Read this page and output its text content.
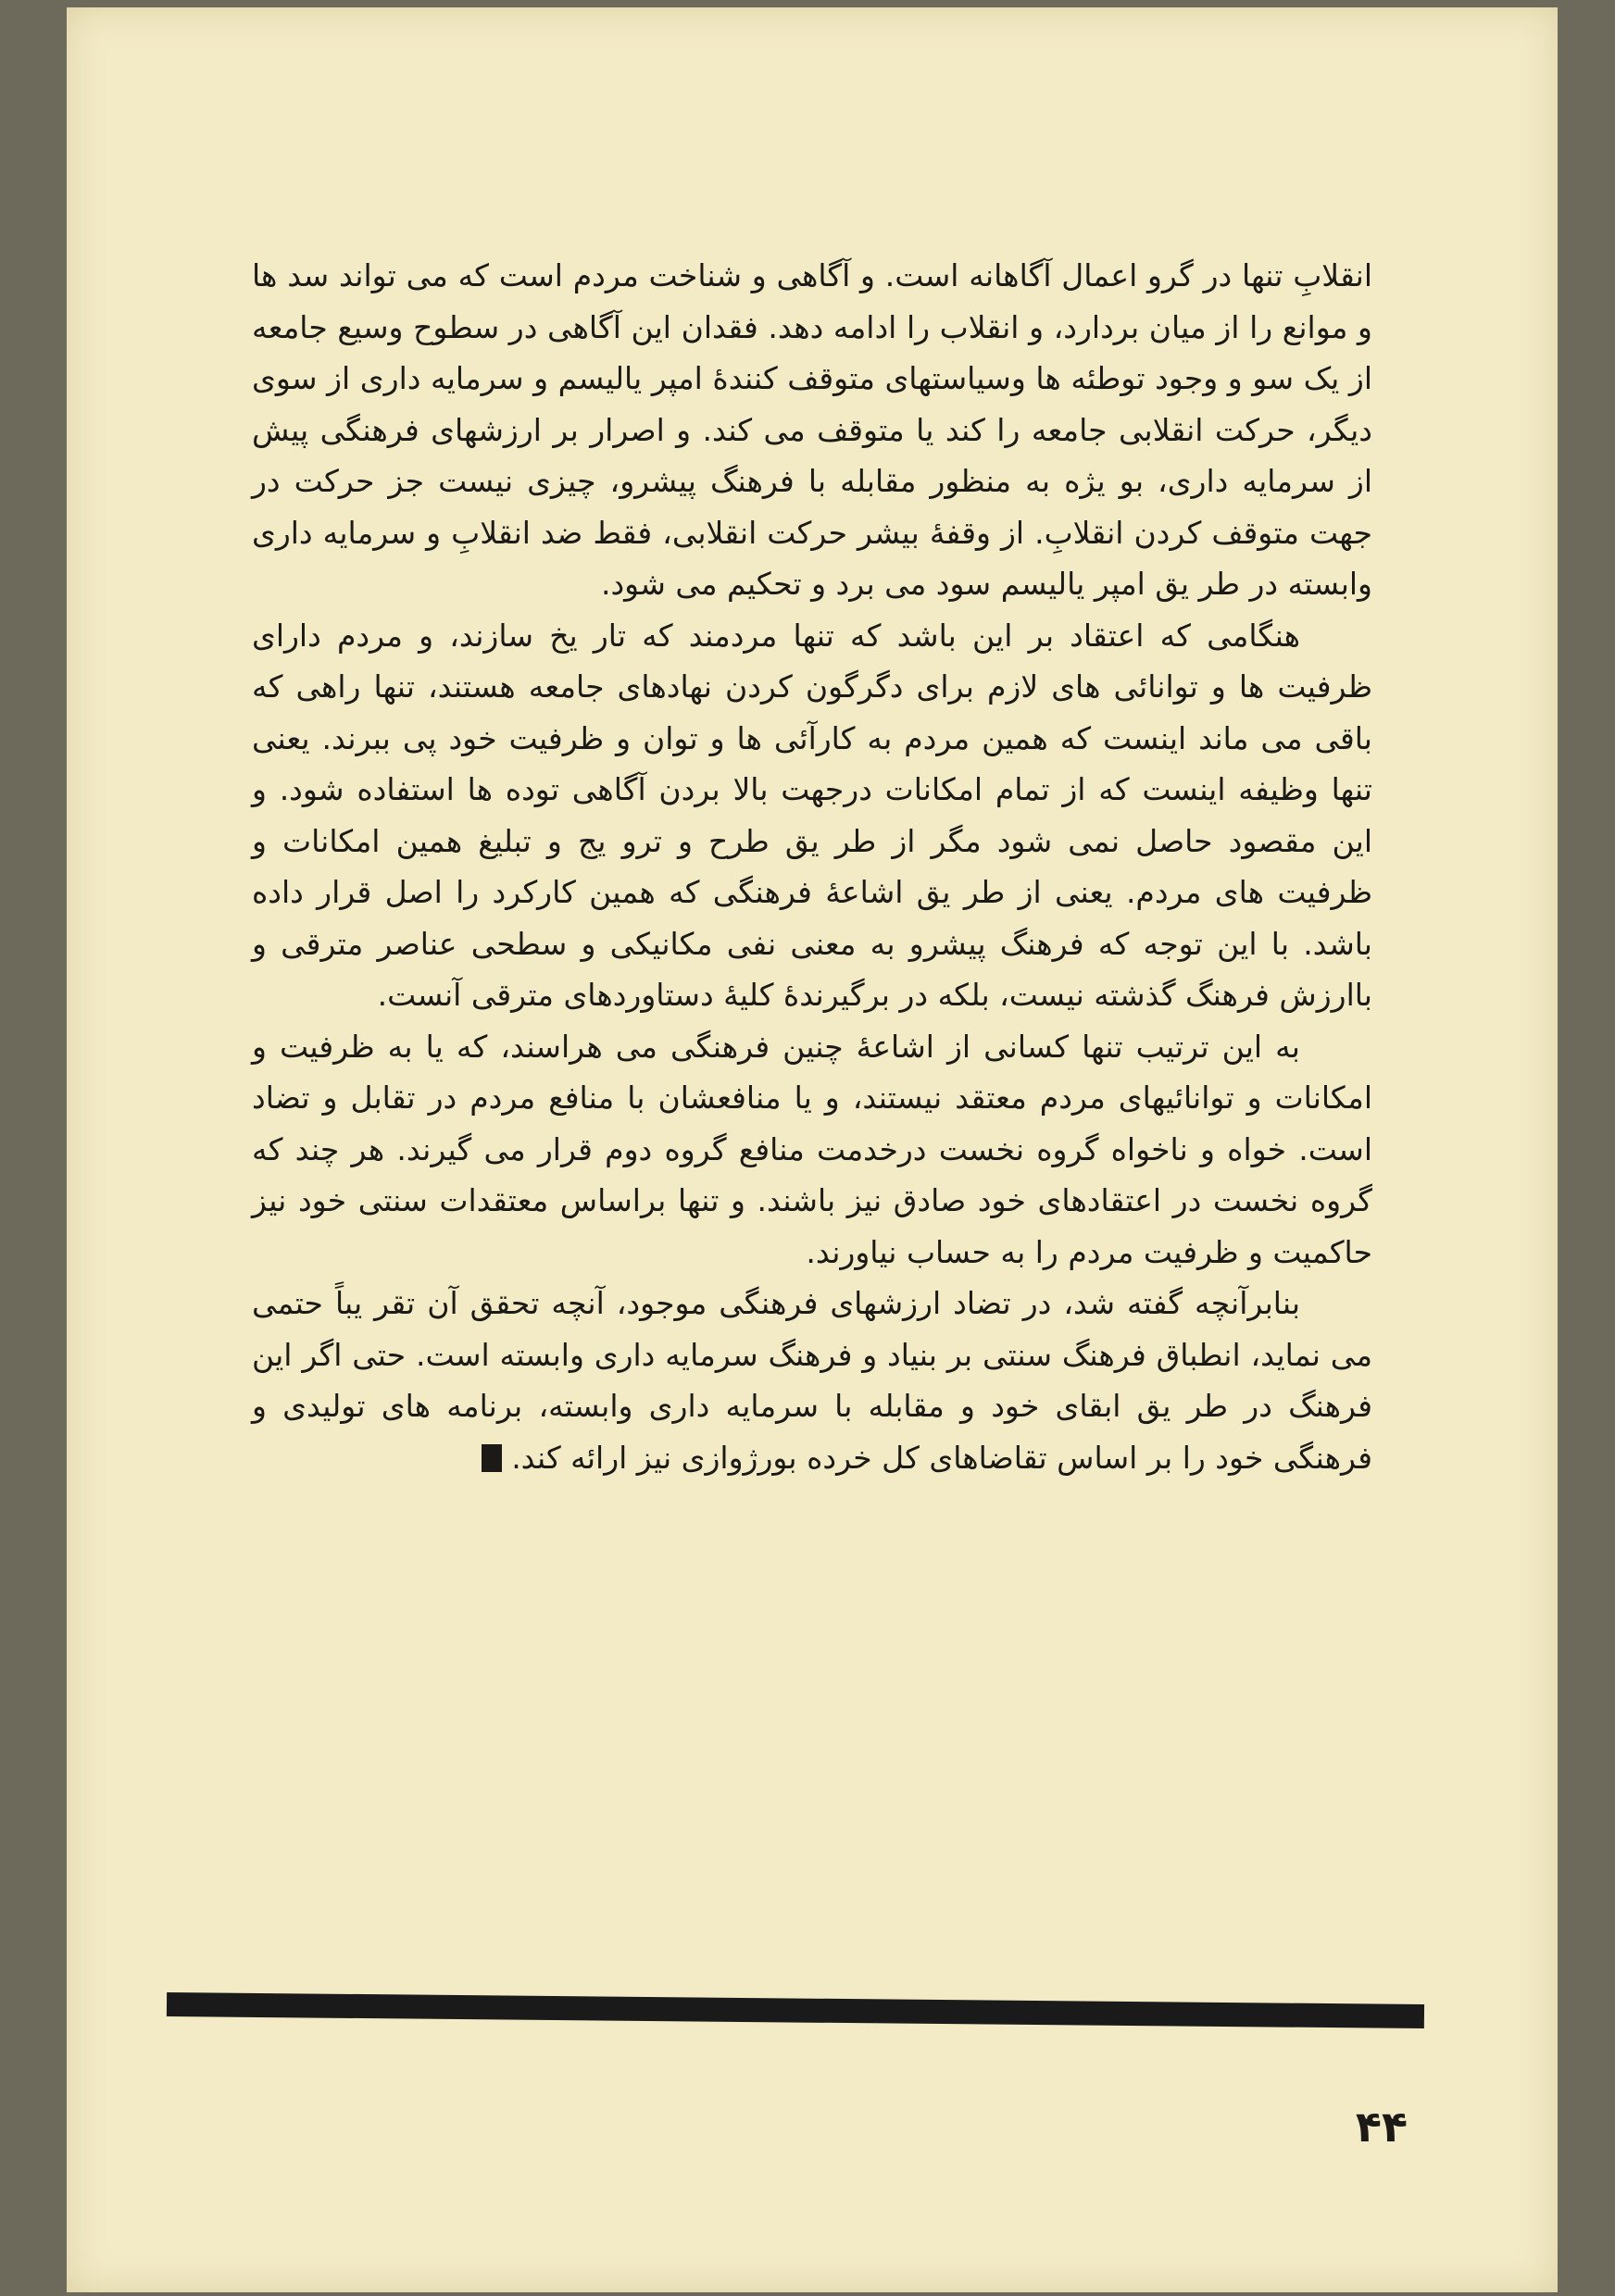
انقلابِ تنها در گرو اعمال آگاهانه است. و آگاهی و شناخت مردم است که می تواند سد ها و موانع را از میان بردارد، و انقلاب را ادامه دهد. فقدان این آگاهی در سطوح وسیع جامعه از یک سو و وجود توطئه ها وسیاستهای متوقف کنندهٔ امپر یالیسم و سرمایه داری از سوی دیگر، حرکت انقلابی جامعه را کند یا متوقف می کند. و اصرار بر ارزشهای فرهنگی پیش از سرمایه داری، بو یژه به منظور مقابله با فرهنگ پیشرو، چیزی نیست جز حرکت در جهت متوقف کردن انقلابِ. از وقفهٔ بیشر حرکت انقلابی، فقط ضد انقلابِ و سرمایه داری وابسته در طر یق امپر یالیسم سود می برد و تحکیم می شود.

هنگامی که اعتقاد بر این باشد که تنها مردمند که تار یخ سازند، و مردم دارای ظرفیت ها و توانائی های لازم برای دگرگون کردن نهادهای جامعه هستند، تنها راهی که باقی می ماند اینست که همین مردم به کارآئی ها و توان و ظرفیت خود پی ببرند. یعنی تنها وظیفه اینست که از تمام امکانات درجهت بالا بردن آگاهی توده ها استفاده شود. و این مقصود حاصل نمی شود مگر از طر یق طرح و ترو یج و تبلیغ همین امکانات و ظرفیت های مردم. یعنی از طر یق اشاعهٔ فرهنگی که همین کارکرد را اصل قرار داده باشد. با این توجه که فرهنگ پیشرو به معنی نفی مکانیکی و سطحی عناصر مترقی و باارزش فرهنگ گذشته نیست، بلکه در برگیرندهٔ کلیهٔ دستاوردهای مترقی آنست.

به این ترتیب تنها کسانی از اشاعهٔ چنین فرهنگی می هراسند، که یا به ظرفیت و امکانات و توانائیهای مردم معتقد نیستند، و یا منافعشان با منافع مردم در تقابل و تضاد است. خواه و ناخواه گروه نخست درخدمت منافع گروه دوم قرار می گیرند. هر چند که گروه نخست در اعتقادهای خود صادق نیز باشند. و تنها براساس معتقدات سنتی خود نیز حاکمیت و ظرفیت مردم را به حساب نیاورند.

بنابرآنچه گفته شد، در تضاد ارزشهای فرهنگی موجود، آنچه تحقق آن تقر یباً حتمی می نماید، انطباق فرهنگ سنتی بر بنیاد و فرهنگ سرمایه داری وابسته است. حتی اگر این فرهنگ در طر یق ابقای خود و مقابله با سرمایه داری وابسته، برنامه های تولیدی و فرهنگی خود را بر اساس تقاضاهای کل خرده بورژوازی نیز ارائه کند.

۴۴
